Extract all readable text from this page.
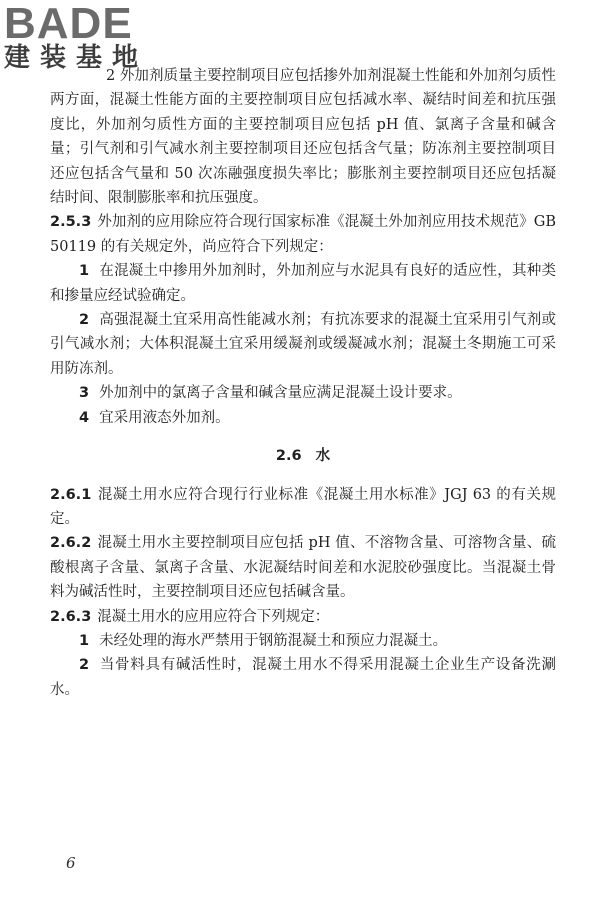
BADE
建装基地

2 外加剂质量主要控制项目应包括掺外加剂混凝土性能和外加剂匀质性两方面，混凝土性能方面的主要控制项目应包括减水率、凝结时间差和抗压强度比，外加剂匀质性方面的主要控制项目应包括 pH 值、氯离子含量和碱含量；引气剂和引气减水剂主要控制项目还应包括含气量；防冻剂主要控制项目还应包括含气量和 50 次冻融强度损失率比；膨胀剂主要控制项目还应包括凝结时间、限制膨胀率和抗压强度。

2.5.3 外加剂的应用除应符合现行国家标准《混凝土外加剂应用技术规范》GB 50119 的有关规定外，尚应符合下列规定：

1 在混凝土中掺用外加剂时，外加剂应与水泥具有良好的适应性，其种类和掺量应经试验确定。

2 高强混凝土宜采用高性能减水剂；有抗冻要求的混凝土宜采用引气剂或引气减水剂；大体积混凝土宜采用缓凝剂或缓凝减水剂；混凝土冬期施工可采用防冻剂。

3 外加剂中的氯离子含量和碱含量应满足混凝土设计要求。

4 宜采用液态外加剂。

2.6 水

2.6.1 混凝土用水应符合现行行业标准《混凝土用水标准》JGJ 63 的有关规定。

2.6.2 混凝土用水主要控制项目应包括 pH 值、不溶物含量、可溶物含量、硫酸根离子含量、氯离子含量、水泥凝结时间差和水泥胶砂强度比。当混凝土骨料为碱活性时，主要控制项目还应包括碱含量。

2.6.3 混凝土用水的应用应符合下列规定：

1 未经处理的海水严禁用于钢筋混凝土和预应力混凝土。

2 当骨料具有碱活性时，混凝土用水不得采用混凝土企业生产设备洗涮水。

6
